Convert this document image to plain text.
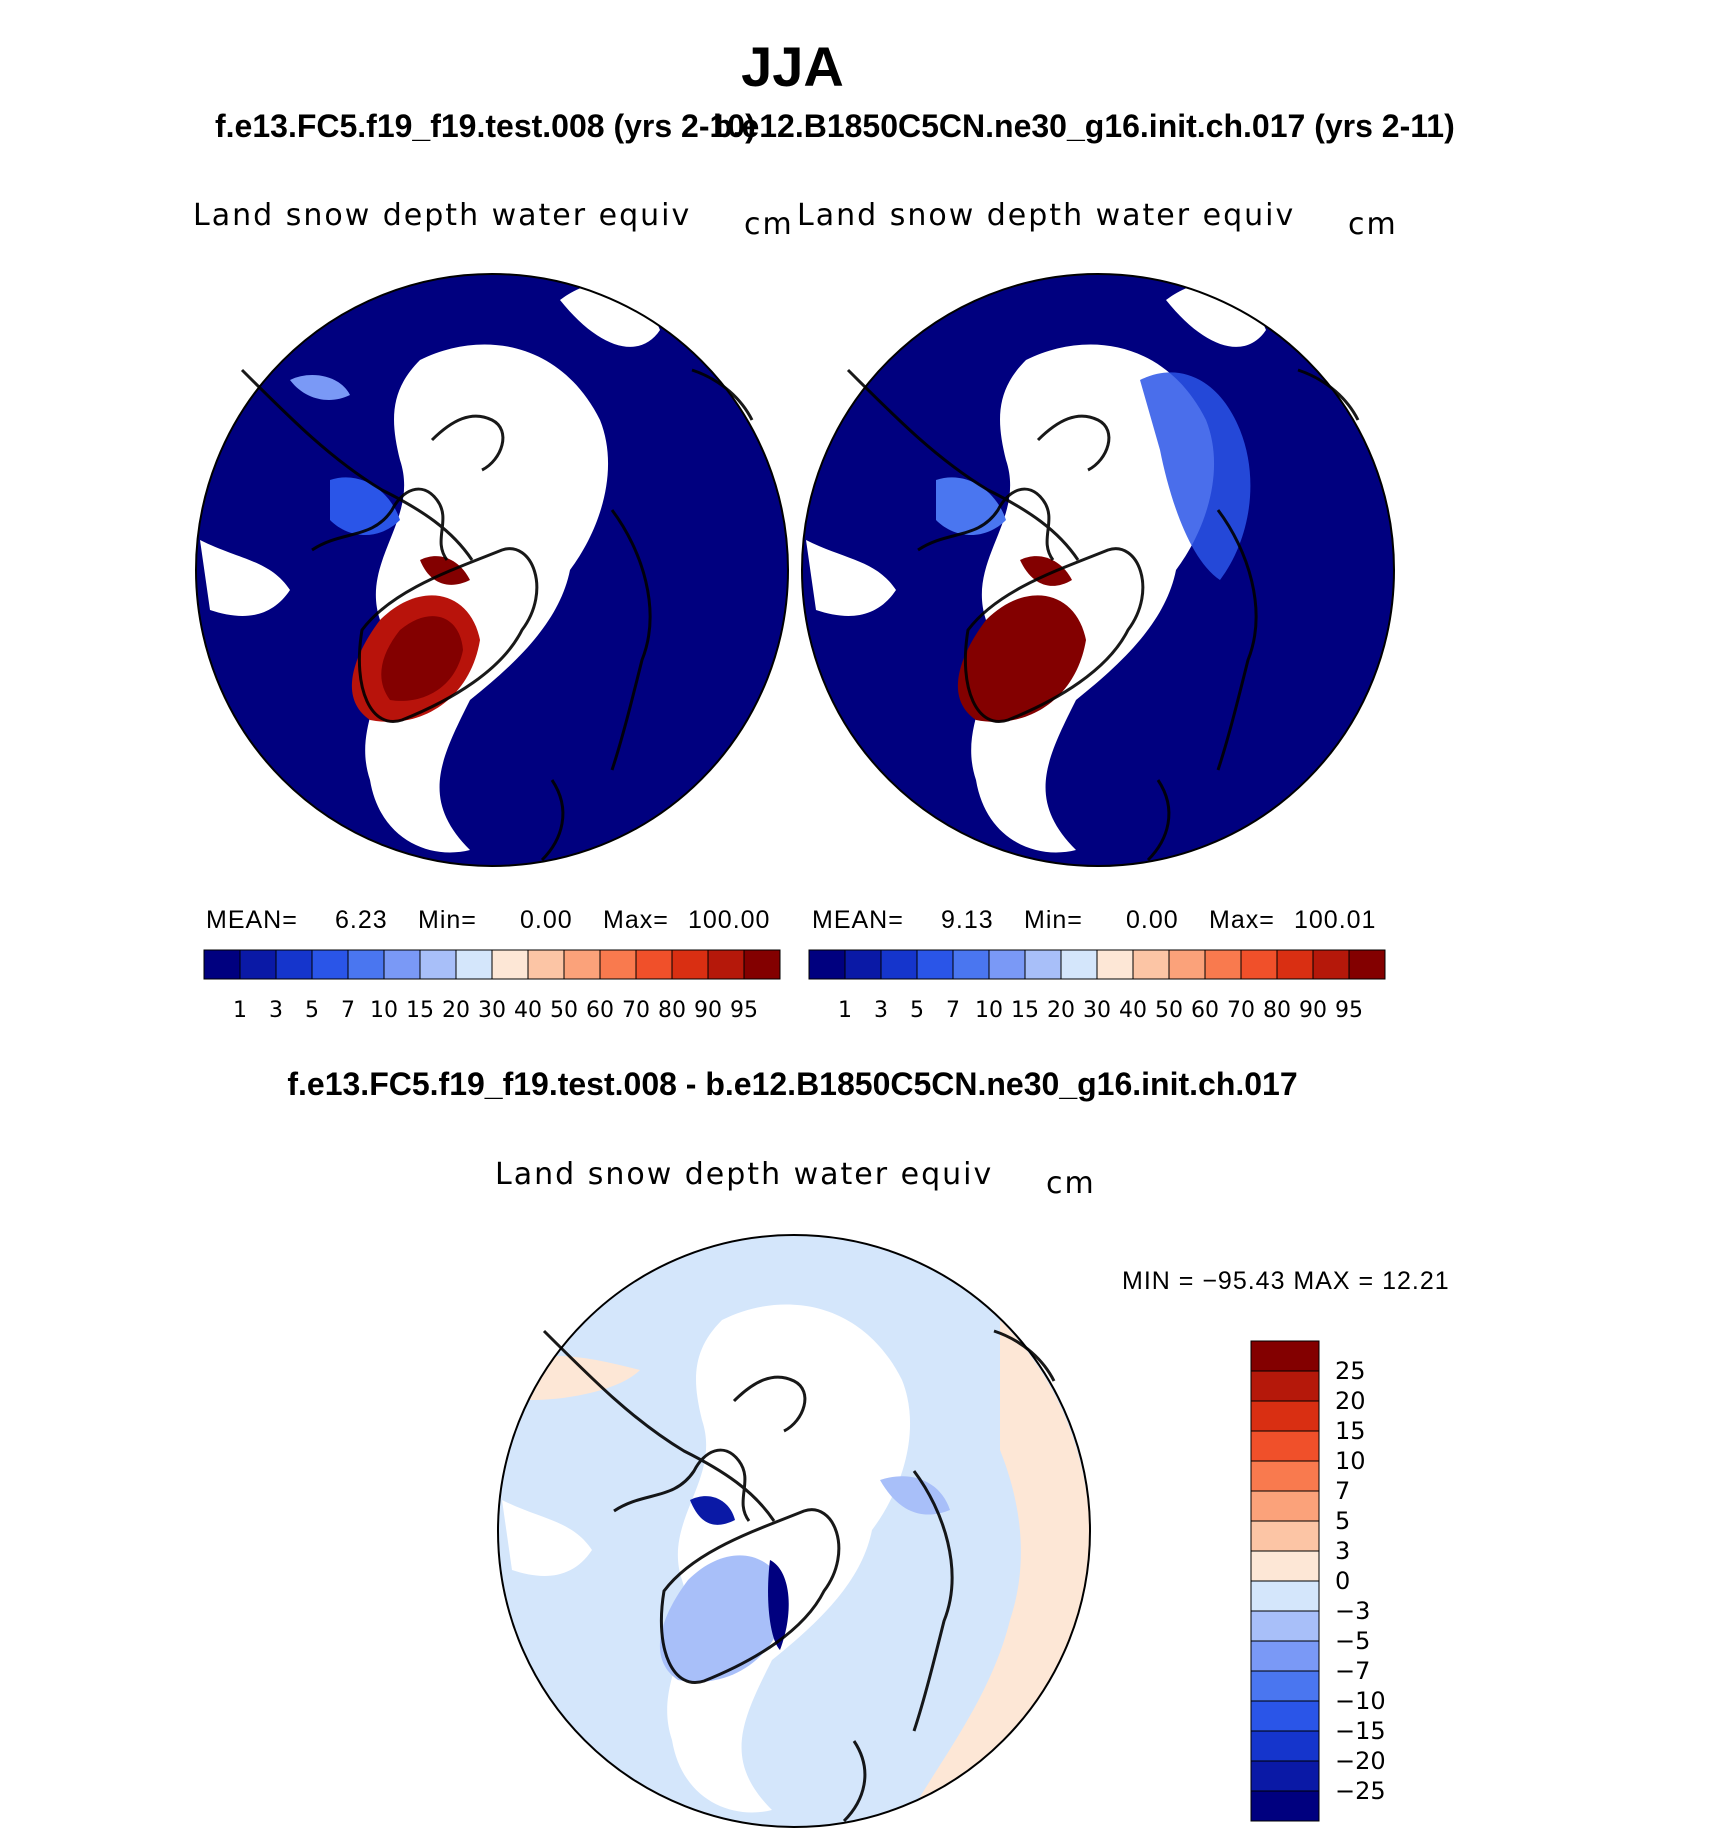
JJA
f.e13.FC5.f19_f19.test.008 (yrs 2-10)
b.e12.B1850C5CN.ne30_g16.init.ch.017 (yrs 2-11)
Land snow depth water equiv cm Land snow depth water equiv cm
MEAN= 6.23 Min= 0.00 Max= 100.00 MEAN= 9.13 Min= 0.00 Max= 100.01
f.e13.FC5.f19_f19.test.008 - b.e12.B1850C5CN.ne30_g16.init.ch.017
Land snow depth water equiv cm
MIN = −95.43 MAX = 12.21
1 3 5 7 10 15 20 30 40 50 60 70 80 90 95	1 3 5 7 10 15 20 30 40 50 60 70 80 90 95
25
20
15
10
7
5
3
0
−3
−5
−7
−10
−15
−20
−25
